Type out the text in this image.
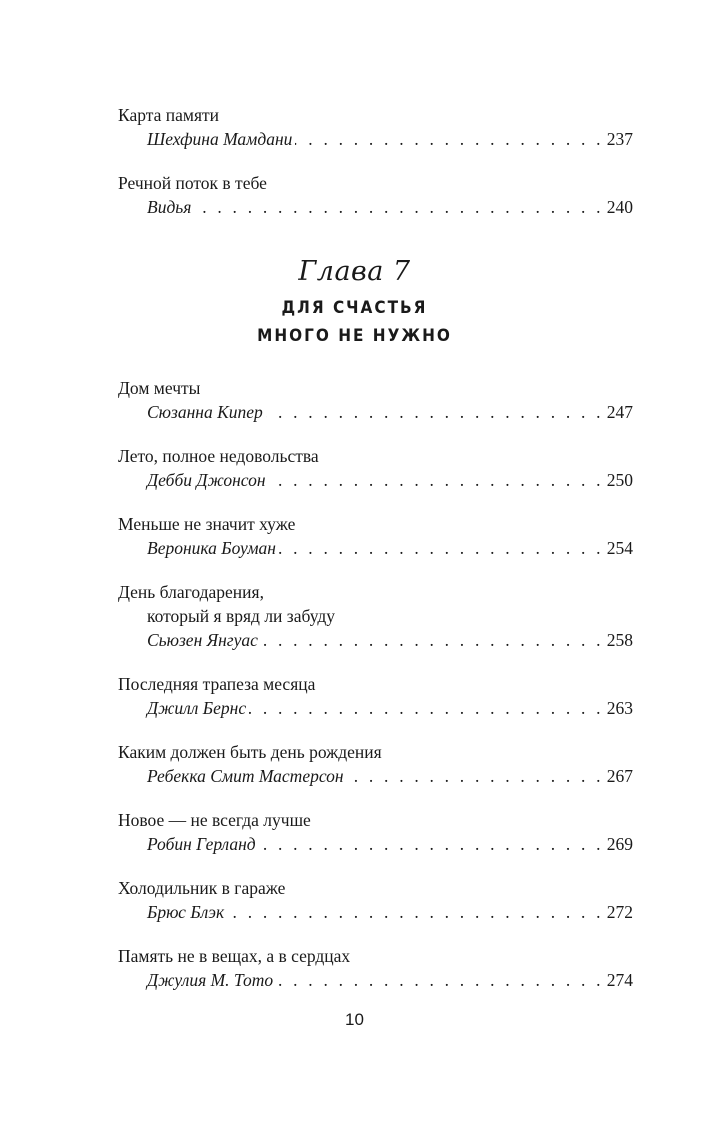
Карта памяти
Шехфина Мамдани . . .	237
Речной поток в тебе
Видья . . .	240
Глава 7
ДЛЯ СЧАСТЬЯ
МНОГО НЕ НУЖНО
Дом мечты
Сюзанна Кипер . . .	247
Лето, полное недовольства
Дебби Джонсон . . .	250
Меньше не значит хуже
Вероника Боуман . . .	254
День благодарения,
который я вряд ли забуду
Сьюзен Янгуас . . .	258
Последняя трапеза месяца
Джилл Бернс . . .	263
Каким должен быть день рождения
Ребекка Смит Мастерсон . . .	267
Новое — не всегда лучше
Робин Герланд . . .	269
Холодильник в гараже
Брюс Блэк . . .	272
Память не в вещах, а в сердцах
Джулия М. Тото . . .	274
10
